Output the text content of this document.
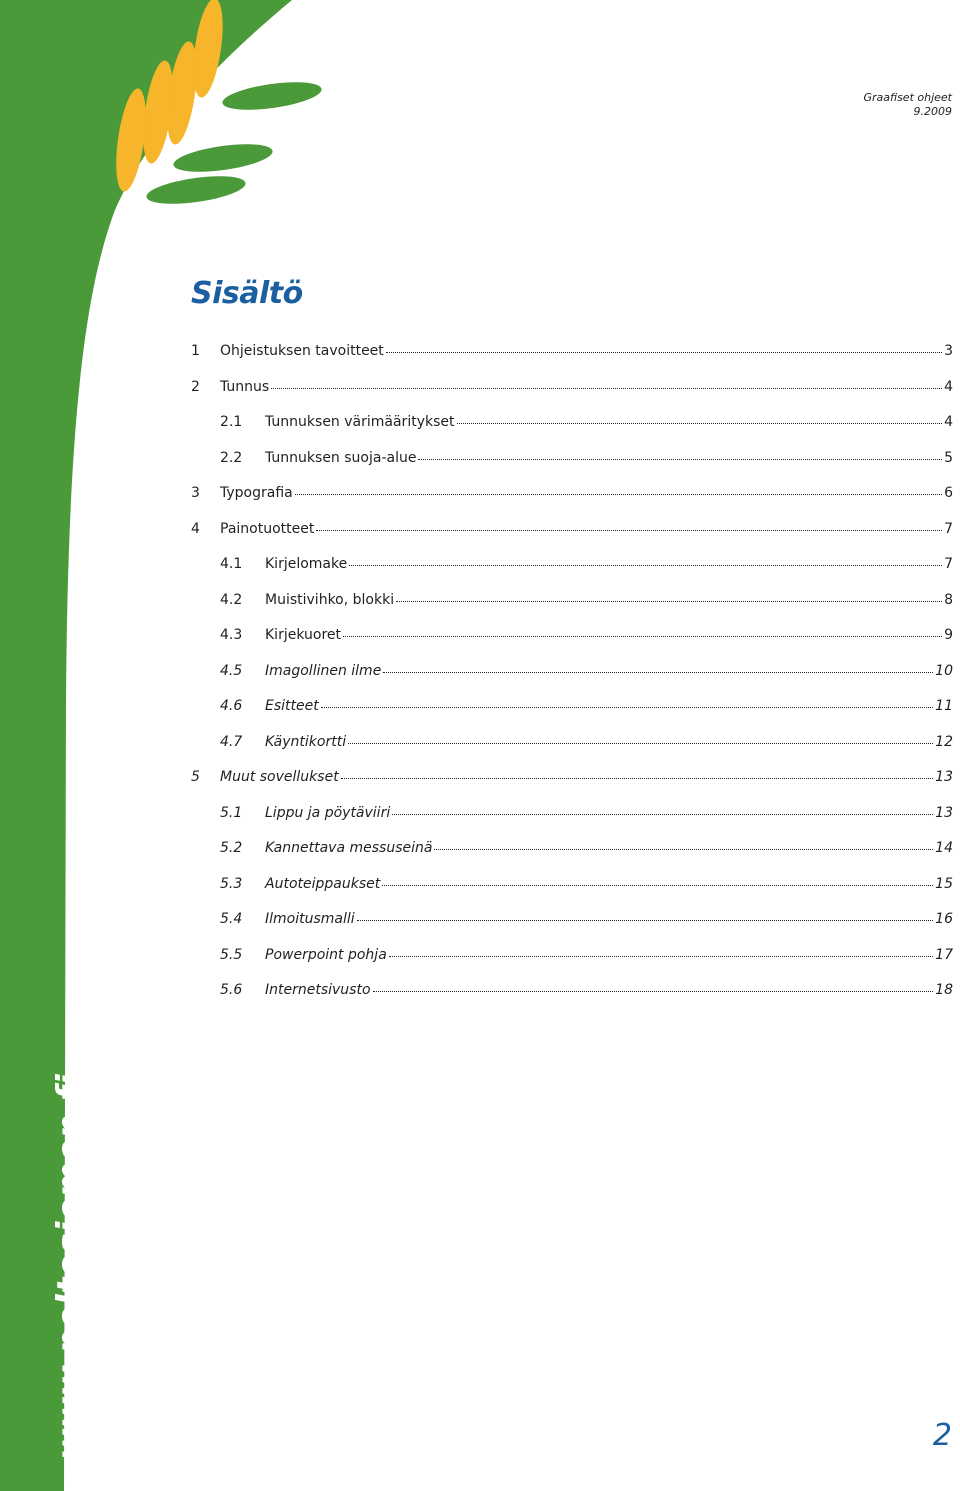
Graafiset ohjeet
9.2009
Sisältö
1	Ohjeistuksen tavoitteet	3
2	Tunnus	4
2.1	Tunnuksen värimääritykset	4
2.2	Tunnuksen suoja-alue	5
3	Typografia	6
4	Painotuotteet	7
4.1	Kirjelomake	7
4.2	Muistivihko, blokki	8
4.3	Kirjekuoret	9
4.5	Imagollinen ilme	10
4.6	Esitteet	11
4.7	Käyntikortti	12
5	Muut sovellukset	13
5.1	Lippu ja pöytäviiri	13
5.2	Kannettava messuseinä	14
5.3	Autoteippaukset	15
5.4	Ilmoitusmalli	16
5.5	Powerpoint pohja	17
5.6	Internetsivusto	18
www.peltosiemen.fi	2
